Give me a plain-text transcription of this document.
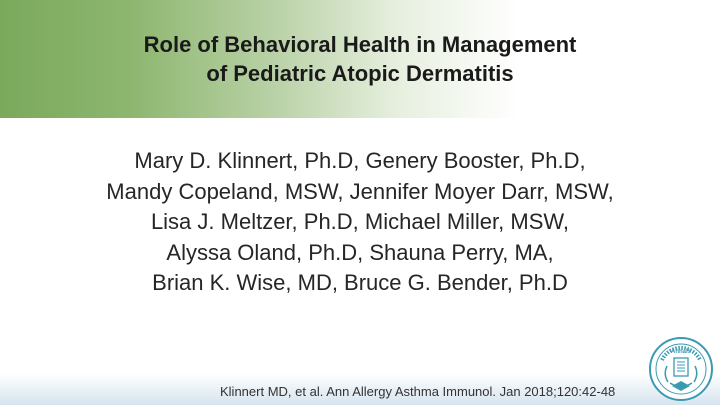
Role of Behavioral Health in Management
of Pediatric Atopic Dermatitis
Mary D. Klinnert, Ph.D, Genery Booster, Ph.D,
Mandy Copeland, MSW, Jennifer Moyer Darr, MSW,
Lisa J. Meltzer, Ph.D, Michael Miller, MSW,
Alyssa Oland, Ph.D, Shauna Perry, MA,
Brian K. Wise, MD, Bruce G. Bender, Ph.D
Klinnert MD, et al. Ann Allergy Asthma Immunol. Jan 2018;120:42-48
Annals
